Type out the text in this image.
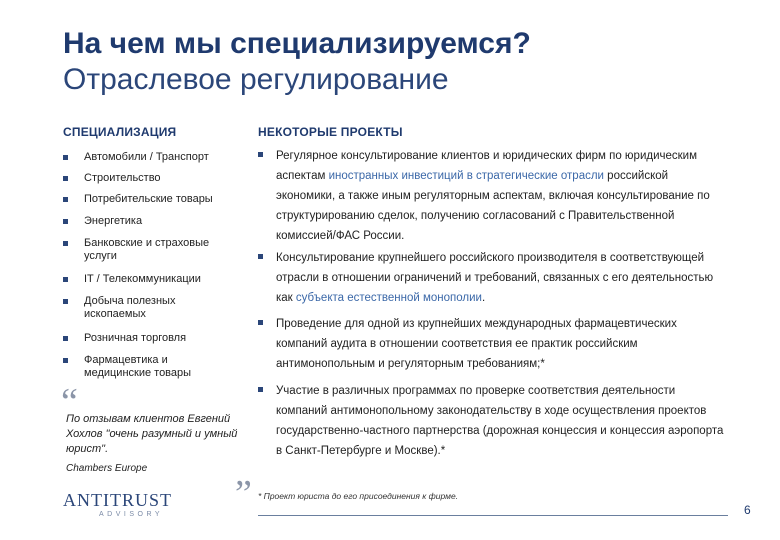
На чем мы специализируемся?
Отраслевое регулирование
СПЕЦИАЛИЗАЦИЯ	НЕКОТОРЫЕ ПРОЕКТЫ
Автомобили / Транспорт
Строительство
Потребительские товары
Энергетика
Банковские и страховые услуги
IT / Телекоммуникации
Добыча полезных ископаемых
Розничная торговля
Фармацевтика и медицинские товары
“
По отзывам клиентов Евгений Хохлов "очень разумный и умный юрист".
Chambers Europe
”
Регулярное консультирование клиентов и юридических фирм по юридическим аспектам иностранных инвестиций в стратегические отрасли российской экономики, а также иным регуляторным аспектам, включая консультирование по структурированию сделок, получению согласований с Правительственной комиссией/ФАС России.
Консультирование крупнейшего российского производителя в соответствующей отрасли в отношении ограничений и требований, связанных с его деятельностью как субъекта естественной монополии.
Проведение для одной из крупнейших международных фармацевтических компаний аудита в отношении соответствия ее практик российским антимонопольным и регуляторным требованиям;*
Участие в различных программах по проверке соответствия деятельности компаний антимонопольному законодательству в ходе осуществления проектов государственно-частного партнерства (дорожная концессия и концессия аэропорта в Санкт-Петербурге и Москве).*
* Проект юриста до его присоединения к фирме.
ANTITRUST
ADVISORY	6
